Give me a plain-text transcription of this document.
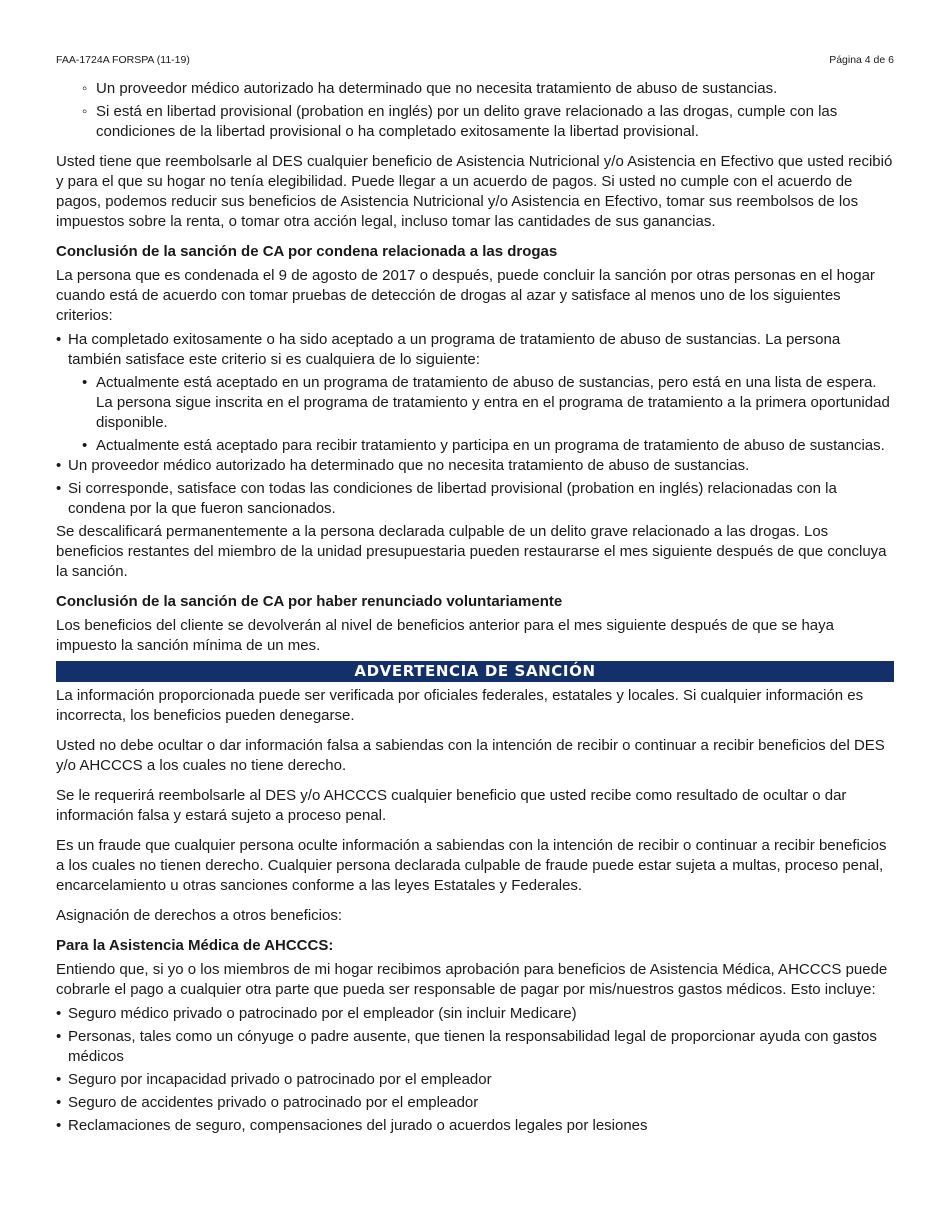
FAA-1724A FORSPA (11-19)	Página 4 de 6
◦ Un proveedor médico autorizado ha determinado que no necesita tratamiento de abuso de sustancias.
◦ Si está en libertad provisional (probation en inglés) por un delito grave relacionado a las drogas, cumple con las condiciones de la libertad provisional o ha completado exitosamente la libertad provisional.

Usted tiene que reembolsarle al DES cualquier beneficio de Asistencia Nutricional y/o Asistencia en Efectivo que usted recibió y para el que su hogar no tenía elegibilidad. Puede llegar a un acuerdo de pagos. Si usted no cumple con el acuerdo de pagos, podemos reducir sus beneficios de Asistencia Nutricional y/o Asistencia en Efectivo, tomar sus reembolsos de los impuestos sobre la renta, o tomar otra acción legal, incluso tomar las cantidades de sus ganancias.

Conclusión de la sanción de CA por condena relacionada a las drogas

La persona que es condenada el 9 de agosto de 2017 o después, puede concluir la sanción por otras personas en el hogar cuando está de acuerdo con tomar pruebas de detección de drogas al azar y satisface al menos uno de los siguientes criterios:

• Ha completado exitosamente o ha sido aceptado a un programa de tratamiento de abuso de sustancias. La persona también satisface este criterio si es cualquiera de lo siguiente:
• Actualmente está aceptado en un programa de tratamiento de abuso de sustancias, pero está en una lista de espera. La persona sigue inscrita en el programa de tratamiento y entra en el programa de tratamiento a la primera oportunidad disponible.
• Actualmente está aceptado para recibir tratamiento y participa en un programa de tratamiento de abuso de sustancias.
• Un proveedor médico autorizado ha determinado que no necesita tratamiento de abuso de sustancias.
• Si corresponde, satisface con todas las condiciones de libertad provisional (probation en inglés) relacionadas con la condena por la que fueron sancionados.

Se descalificará permanentemente a la persona declarada culpable de un delito grave relacionado a las drogas. Los beneficios restantes del miembro de la unidad presupuestaria pueden restaurarse el mes siguiente después de que concluya la sanción.

Conclusión de la sanción de CA por haber renunciado voluntariamente

Los beneficios del cliente se devolverán al nivel de beneficios anterior para el mes siguiente después de que se haya impuesto la sanción mínima de un mes.

ADVERTENCIA DE SANCIÓN

La información proporcionada puede ser verificada por oficiales federales, estatales y locales. Si cualquier información es incorrecta, los beneficios pueden denegarse.

Usted no debe ocultar o dar información falsa a sabiendas con la intención de recibir o continuar a recibir beneficios del DES y/o AHCCCS a los cuales no tiene derecho.

Se le requerirá reembolsarle al DES y/o AHCCCS cualquier beneficio que usted recibe como resultado de ocultar o dar información falsa y estará sujeto a proceso penal.

Es un fraude que cualquier persona oculte información a sabiendas con la intención de recibir o continuar a recibir beneficios a los cuales no tienen derecho. Cualquier persona declarada culpable de fraude puede estar sujeta a multas, proceso penal, encarcelamiento u otras sanciones conforme a las leyes Estatales y Federales.

Asignación de derechos a otros beneficios:

Para la Asistencia Médica de AHCCCS:

Entiendo que, si yo o los miembros de mi hogar recibimos aprobación para beneficios de Asistencia Médica, AHCCCS puede cobrarle el pago a cualquier otra parte que pueda ser responsable de pagar por mis/nuestros gastos médicos. Esto incluye:

• Seguro médico privado o patrocinado por el empleador (sin incluir Medicare)
• Personas, tales como un cónyuge o padre ausente, que tienen la responsabilidad legal de proporcionar ayuda con gastos médicos
• Seguro por incapacidad privado o patrocinado por el empleador
• Seguro de accidentes privado o patrocinado por el empleador
• Reclamaciones de seguro, compensaciones del jurado o acuerdos legales por lesiones
